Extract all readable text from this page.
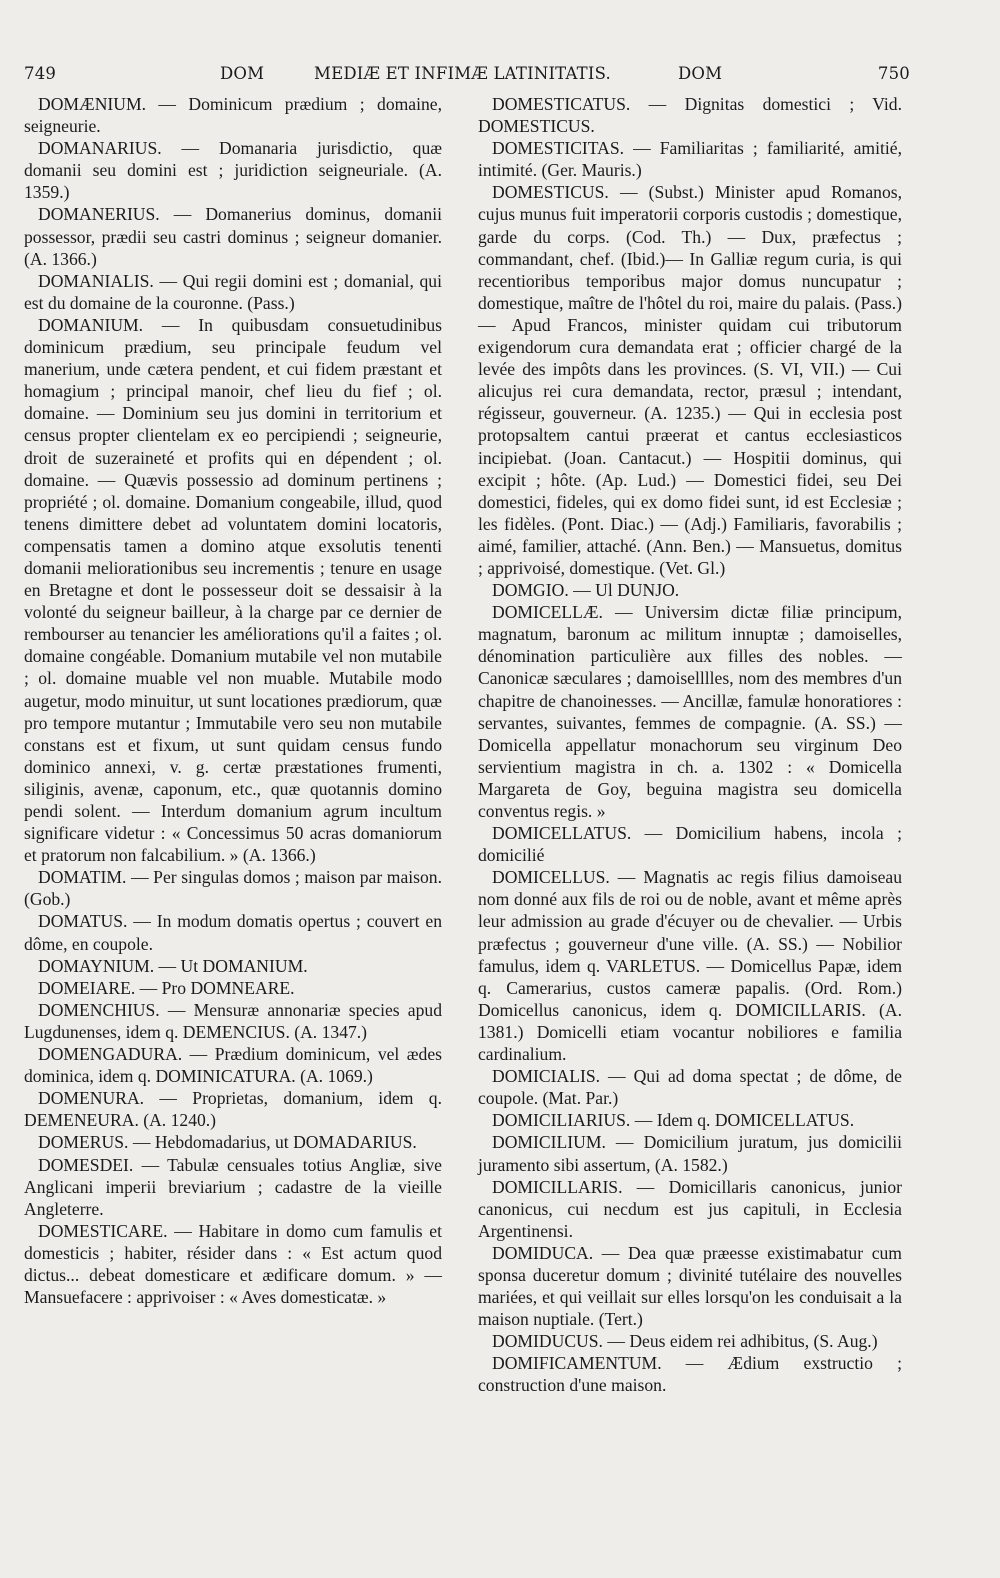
749	DOM	MEDIÆ ET INFIMÆ LATINITATIS.	DOM	750

DOMÆNIUM. — Dominicum prædium ; domaine, seigneurie.

DOMANARIUS. — Domanaria jurisdictio, quæ domanii seu domini est ; juridiction seigneuriale. (A. 1359.)

DOMANERIUS. — Domanerius dominus, domanii possessor, prædii seu castri dominus ; seigneur domanier. (A. 1366.)

DOMANIALIS. — Qui regii domini est ; domanial, qui est du domaine de la couronne. (Pass.)

DOMANIUM. — In quibusdam consuetudinibus dominicum prædium, seu principale feudum vel manerium, unde cætera pendent, et cui fidem præstant et homagium ; principal manoir, chef lieu du fief ; ol. domaine. — Dominium seu jus domini in territorium et census propter clientelam ex eo percipiendi ; seigneurie, droit de suzeraineté et profits qui en dépendent ; ol. domaine. — Quævis possessio ad dominum pertinens ; propriété ; ol. domaine. Domanium congeabile, illud, quod tenens dimittere debet ad voluntatem domini locatoris, compensatis tamen a domino atque exsolutis tenenti domanii meliorationibus seu incrementis ; tenure en usage en Bretagne et dont le possesseur doit se dessaisir à la volonté du seigneur bailleur, à la charge par ce dernier de rembourser au tenancier les améliorations qu'il a faites ; ol. domaine congéable. Domanium mutabile vel non mutabile ; ol. domaine muable vel non muable. Mutabile modo augetur, modo minuitur, ut sunt locationes prædiorum, quæ pro tempore mutantur ; Immutabile vero seu non mutabile constans est et fixum, ut sunt quidam census fundo dominico annexi, v. g. certæ præstationes frumenti, siliginis, avenæ, caponum, etc., quæ quotannis domino pendi solent. — Interdum domanium agrum incultum significare videtur : « Concessimus 50 acras domaniorum et pratorum non falcabilium. » (A. 1366.)

DOMATIM. — Per singulas domos ; maison par maison. (Gob.)

DOMATUS. — In modum domatis opertus ; couvert en dôme, en coupole.

DOMAYNIUM. — Ut DOMANIUM.

DOMEIARE. — Pro DOMNEARE.

DOMENCHIUS. — Mensuræ annonariæ species apud Lugdunenses, idem q. DEMENCIUS. (A. 1347.)

DOMENGADURA. — Prædium dominicum, vel ædes dominica, idem q. DOMINICATURA. (A. 1069.)

DOMENURA. — Proprietas, domanium, idem q. DEMENEURA. (A. 1240.)

DOMERUS. — Hebdomadarius, ut DOMADARIUS.

DOMESDEI. — Tabulæ censuales totius Angliæ, sive Anglicani imperii breviarium ; cadastre de la vieille Angleterre.

DOMESTICARE. — Habitare in domo cum famulis et domesticis ; habiter, résider dans : « Est actum quod dictus... debeat domesticare et ædificare domum. » — Mansuefacere : apprivoiser : « Aves domesticatæ. »

DOMESTICATUS. — Dignitas domestici ; Vid. DOMESTICUS.

DOMESTICITAS. — Familiaritas ; familiarité, amitié, intimité. (Ger. Mauris.)

DOMESTICUS. — (Subst.) Minister apud Romanos, cujus munus fuit imperatorii corporis custodis ; domestique, garde du corps. (Cod. Th.) — Dux, præfectus ; commandant, chef. (Ibid.)— In Galliæ regum curia, is qui recentioribus temporibus major domus nuncupatur ; domestique, maître de l'hôtel du roi, maire du palais. (Pass.) — Apud Francos, minister quidam cui tributorum exigendorum cura demandata erat ; officier chargé de la levée des impôts dans les provinces. (S. VI, VII.) — Cui alicujus rei cura demandata, rector, præsul ; intendant, régisseur, gouverneur. (A. 1235.) — Qui in ecclesia post protopsaltem cantui præerat et cantus ecclesiasticos incipiebat. (Joan. Cantacut.) — Hospitii dominus, qui excipit ; hôte. (Ap. Lud.) — Domestici fidei, seu Dei domestici, fideles, qui ex domo fidei sunt, id est Ecclesiæ ; les fidèles. (Pont. Diac.) — (Adj.) Familiaris, favorabilis ; aimé, familier, attaché. (Ann. Ben.) — Mansuetus, domitus ; apprivoisé, domestique. (Vet. Gl.)

DOMGIO. — Ul DUNJO.

DOMICELLÆ. — Universim dictæ filiæ principum, magnatum, baronum ac militum innuptæ ; damoiselles, dénomination particulière aux filles des nobles. — Canonicæ sæculares ; damoiselllles, nom des membres d'un chapitre de chanoinesses. — Ancillæ, famulæ honoratiores : servantes, suivantes, femmes de compagnie. (A. SS.) — Domicella appellatur monachorum seu virginum Deo servientium magistra in ch. a. 1302 : « Domicella Margareta de Goy, beguina magistra seu domicella conventus regis. »

DOMICELLATUS. — Domicilium habens, incola ; domicilié

DOMICELLUS. — Magnatis ac regis filius damoiseau nom donné aux fils de roi ou de noble, avant et même après leur admission au grade d'écuyer ou de chevalier. — Urbis præfectus ; gouverneur d'une ville. (A. SS.) — Nobilior famulus, idem q. VARLETUS. — Domicellus Papæ, idem q. Camerarius, custos cameræ papalis. (Ord. Rom.) Domicellus canonicus, idem q. DOMICILLARIS. (A. 1381.) Domicelli etiam vocantur nobiliores e familia cardinalium.

DOMICIALIS. — Qui ad doma spectat ; de dôme, de coupole. (Mat. Par.)

DOMICILIARIUS. — Idem q. DOMICELLATUS.

DOMICILIUM. — Domicilium juratum, jus domicilii juramento sibi assertum, (A. 1582.)

DOMICILLARIS. — Domicillaris canonicus, junior canonicus, cui necdum est jus capituli, in Ecclesia Argentinensi.

DOMIDUCA. — Dea quæ præesse existimabatur cum sponsa duceretur domum ; divinité tutélaire des nouvelles mariées, et qui veillait sur elles lorsqu'on les conduisait a la maison nuptiale. (Tert.)

DOMIDUCUS. — Deus eidem rei adhibitus, (S. Aug.)

DOMIFICAMENTUM. — Ædium exstructio ; construction d'une maison.
